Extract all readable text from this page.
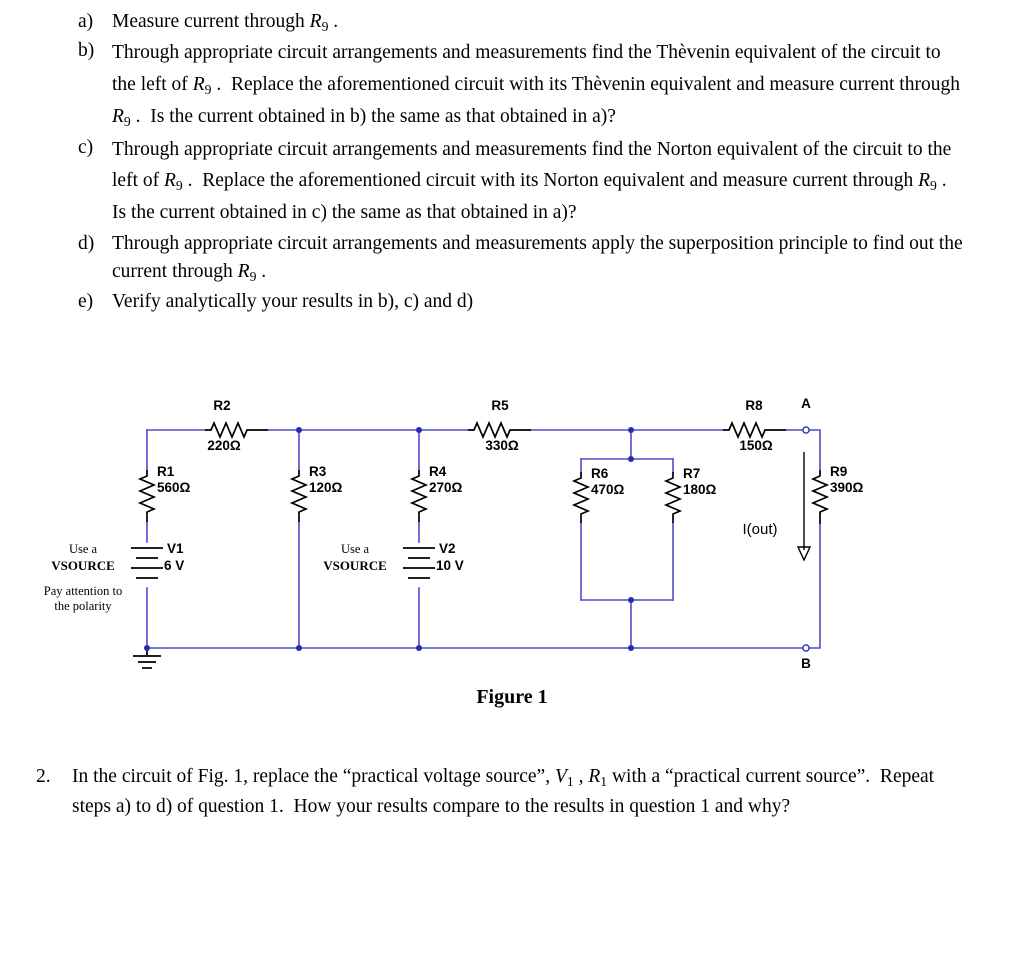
a) Measure current through $R_9$ .
b) Through appropriate circuit arrangements and measurements find the Thèvenin equivalent of the circuit to the left of $R_9$ .  Replace the aforementioned circuit with its Thèvenin equivalent and measure current through $R_9$ .  Is the current obtained in b) the same as that obtained in a)?
c) Through appropriate circuit arrangements and measurements find the Norton equivalent of the circuit to the left of $R_9$ .  Replace the aforementioned circuit with its Norton equivalent and measure current through $R_9$ .  Is the current obtained in c) the same as that obtained in a)?
d) Through appropriate circuit arrangements and measurements apply the superposition principle to find out the current through $R_9$ .
e) Verify analytically your results in b), c) and d)
R2
220Ω
R5
330Ω
R8
150Ω
R1
560Ω
R3
120Ω
R4
270Ω
R6
470Ω
R7
180Ω
R9
390Ω
V1
6 V
V2
10 V
A
B
I(out)
Use a
VSOURCE
Pay attention to
the polarity
Use a
VSOURCE
Figure 1
2.	In the circuit of Fig. 1, replace the “practical voltage source”, $V_1$ , $R_1$ with a “practical current source”.  Repeat steps a) to d) of question 1.  How your results compare to the results in question 1 and why?
